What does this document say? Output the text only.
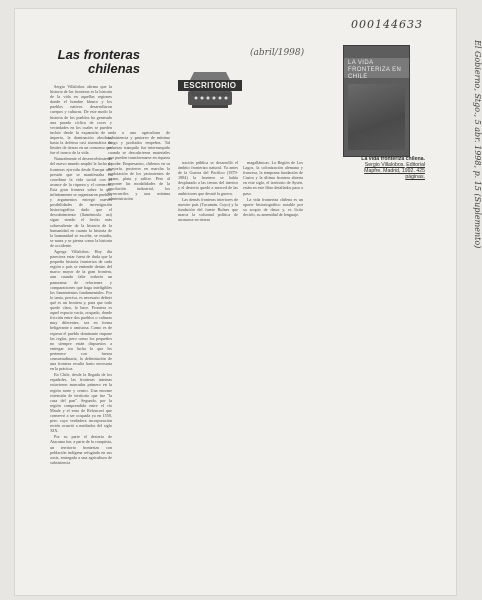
000144633
(abril/1998)	El Gobierno, Stgo., 5 abr. 1998, p. 15 (Suplemento)
Las fronteras
chilenas
ESCRITORIO
Carlos Ossandón

Sergio Villalobos afirma que la historia de las fronteras es la historia de la vida en aquellas regiones donde el hombre blanco y los pueblos nativos desarrollaron cuerpos y culturas. De este modo la historia de los pueblos ha generado una parada cíclica de roces y vecindades en los cuales se pueden incluir desde la expansión de un imperio, la dominación absoluta, hasta la defensa casi sistemática de límites de tierras en un consenso que fue el tronco de la vida.

Naturalmente el desenvolvimiento del nuevo mundo amplió la lucha de fronteras ejercida desde Europa una presión que se manifestaba en coordinar la vida social con el avance de la riqueza y el comercio. Esta gran frontera sobre la que infinitamente se organizaron pueblos y argumentos entregó nuevas posibilidades de investigación historiográfica dado que el descubrimiento (llamémoslo así) sigue siendo el hecho más sobresaliente de la historia de la humanidad en cuanto la historia de la humanidad se escribe, se estudia, se narra y se piensa como la historia de occidente.

Agrega Villalobos: Hoy día pareciera estar fuera de duda que la pequeña historia fronteriza de cada región o país se entiende dentro del marco mayor de la gran frontera, aun cuando falte todavía un panorama de relaciones y comparaciones que haga inteligibles los lineamientos fundamentales. Por lo tanto, precisa, es necesario definir qué es un frontera y, para que todo quede claro, lo hace. Frontera es aquel espacio vacío, ocupado, donde fricción entre dos pueblos o culturas muy diferentes, sea en forma beligerante o amistosa. Como es de esperar el pueblo dominante impone las reglas, pero como los pequeños no siempre están dispuestos a entregar sin lucha lo que les pertenece con fuerza consuetudinaria, la delimitación de una frontera resulta harto necesaria en la práctica.

En Chile, desde la llegada de los españoles, las fronteras internas estuvieron marcadas primero en la región norte y centro. Una enorme extensión de territorio que fue "la casa del pan". Segundo, por la región comprendida entre el río Maule y el seno de Reloncaví que conservó a ser ocupada ya en 1550, pero cuya verdadera incorporación recién ocurrió a mediados del siglo XIX.

Por su parte el desierto de Atacama fue, a parte de la conquista, un territorio fronterizo con población indígena refugiada en sus oasis, entregada a una agricultura de subsistencia

da a una agricultura de subsistencia y pastoreo de mínimo rango y porfiados empeños. Tal esfuerzo tranquilo fue interrumpido cuando se descubrieron materiales que pueden transformarse en riqueza y poder. Empresarios, chilenos en su mayoría, pusieron en marcha la explotación de los yacimientos de guano, plata y salitre. Pero al imponer las modalidades de la revolución industrial, los ferrocarriles y una mínima administración

tración pública se desarrolló el ámbito fronterizo natural. Ya antes de la Guerra del Pacífico (1879-1884) la frontera se había desplazado a las tierras del interior y el desierto quedó a merced de las ambiciones que desató la guerra.

Las demás fronteras interiores de nuestro país (Tucumán, Cuyo) y la fundación del fuerte Bulnes que marca la voluntad política de asomarse en tierras

magallánicas. La Región de Los Lagos, la colonización alemana y francesa, la temprana fundación de Castro y la última frontera abierta en este siglo, el territorio de Aysén, están en este libro detallados paso a paso.

La vida fronteriza chilena es un aporte historiográfico notable por su acopio de datos y, es lícito decirlo, su amenidad de lenguaje.

LA VIDA
FRONTERIZA EN
CHILE
La vida fronteriza chilena. Sergio Villalobos. Editorial Mapfre. Madrid, 1992. 425 páginas.
